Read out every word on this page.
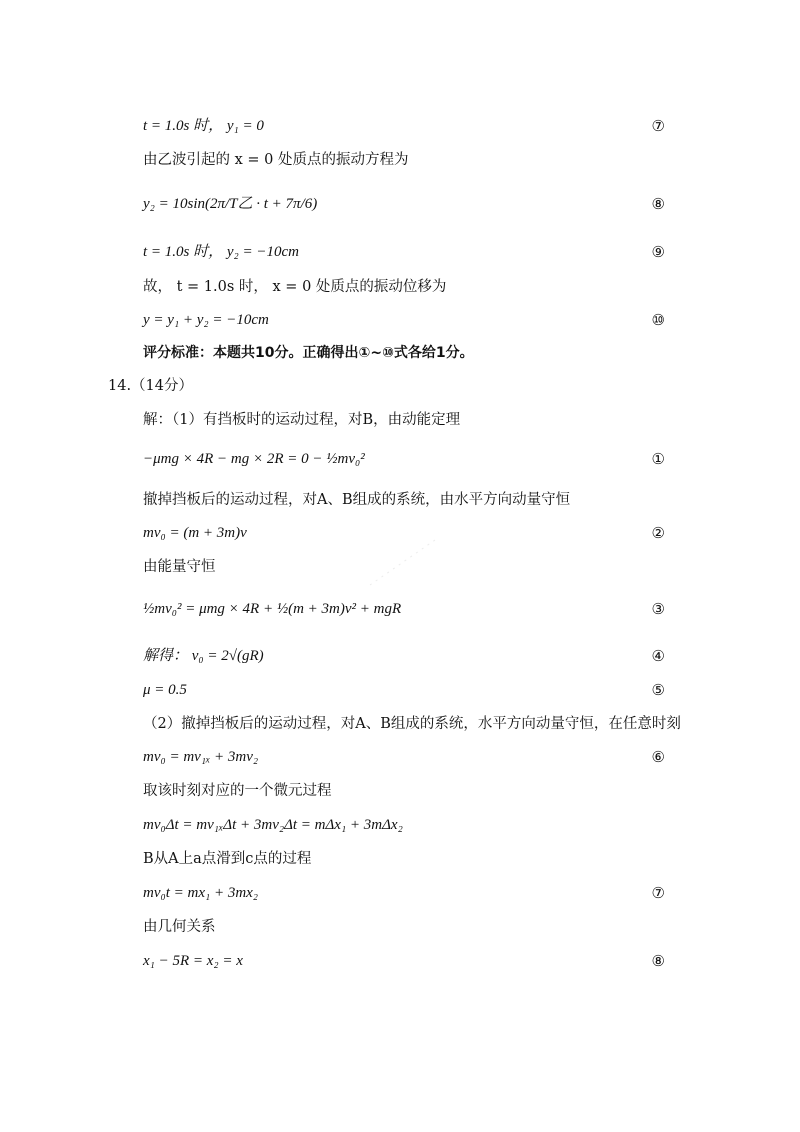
t = 1.0s 时， y₁ = 0	⑦
由乙波引起的 x = 0 处质点的振动方程为
y₂ = 10sin(2π/T乙 · t + 7π/6)	⑧
t = 1.0s 时， y₂ = −10cm	⑨
故， t = 1.0s 时， x = 0 处质点的振动位移为
y = y₁ + y₂ = −10cm	⑩
评分标准：本题共10分。正确得出①~⑩式各给1分。
14.（14分）
解：（1）有挡板时的运动过程，对B，由动能定理
−μmg × 4R − mg × 2R = 0 − ½mv₀²	①
撤掉挡板后的运动过程，对A、B组成的系统，由水平方向动量守恒
mv₀ = (m + 3m)v	②
由能量守恒
½mv₀² = μmg × 4R + ½(m + 3m)v² + mgR	③
解得： v₀ = 2√(gR)	④
μ = 0.5	⑤
（2）撤掉挡板后的运动过程，对A、B组成的系统，水平方向动量守恒，在任意时刻
mv₀ = mv₁ₓ + 3mv₂	⑥
取该时刻对应的一个微元过程
mv₀Δt = mv₁ₓΔt + 3mv₂Δt = mΔx₁ + 3mΔx₂
B从A上a点滑到c点的过程
mv₀t = mx₁ + 3mx₂	⑦
由几何关系
x₁ − 5R = x₂ = x	⑧
